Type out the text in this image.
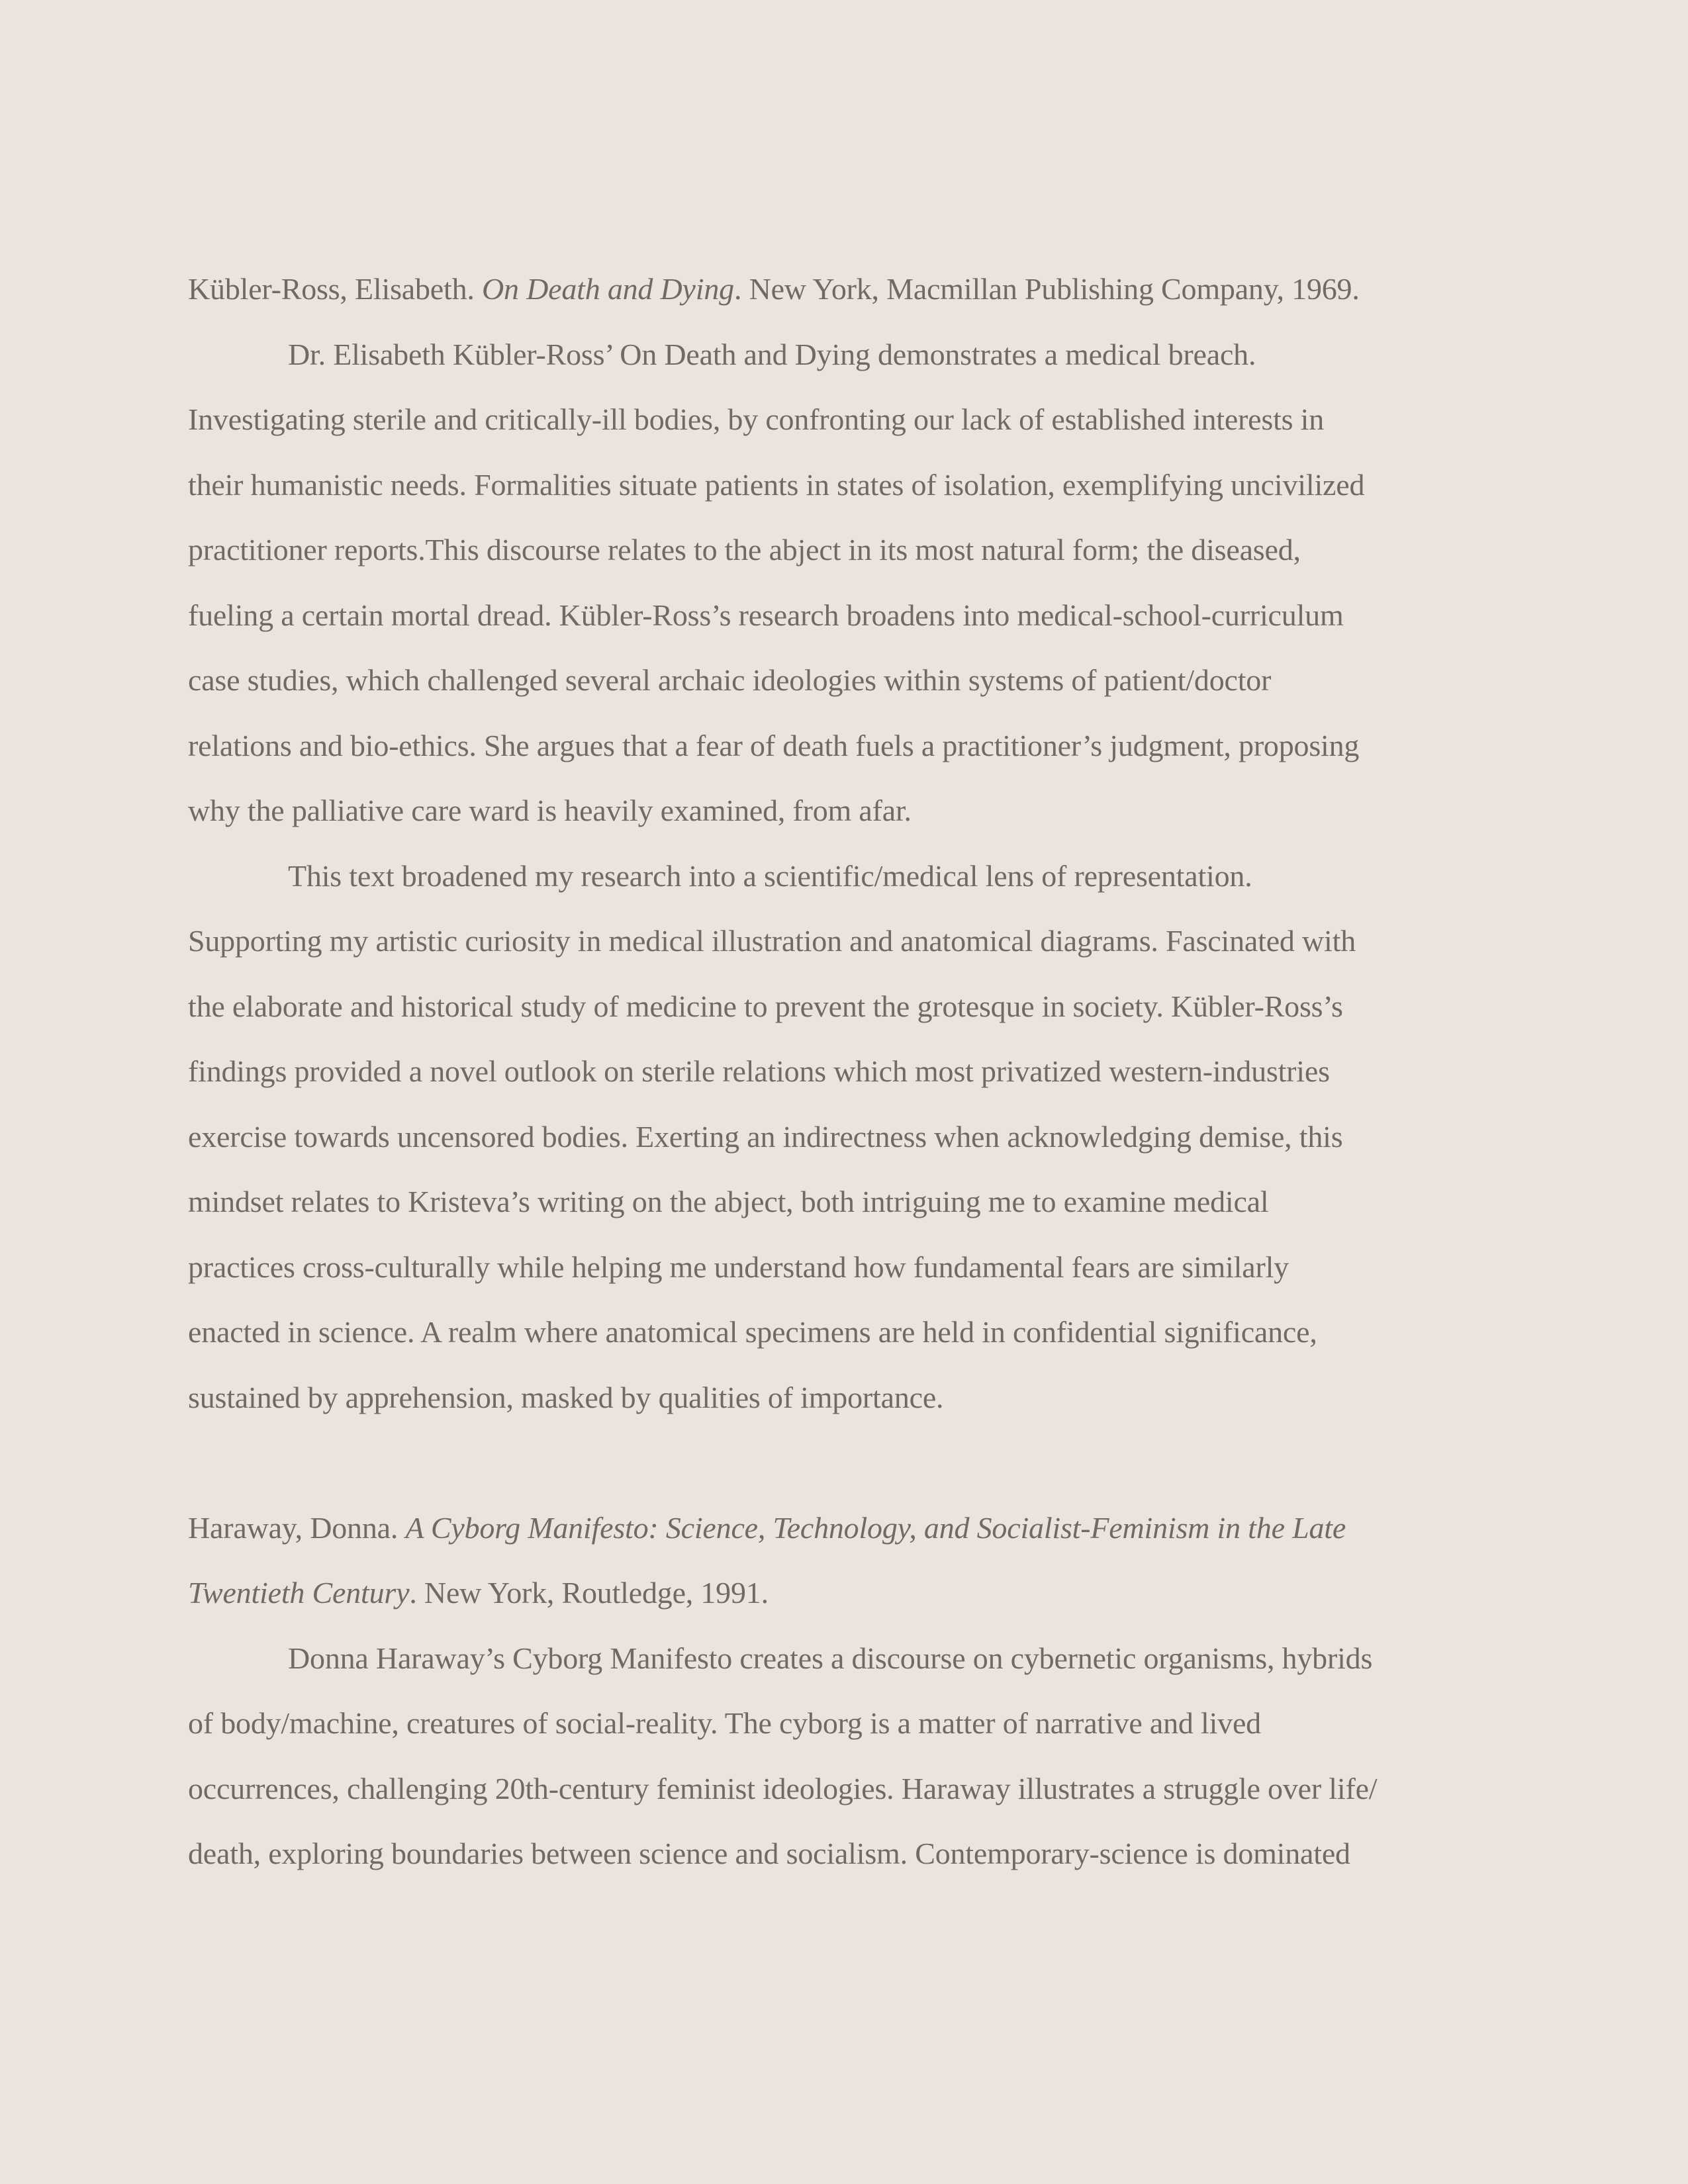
Kübler-Ross, Elisabeth. On Death and Dying. New York, Macmillan Publishing Company, 1969.
Dr. Elisabeth Kübler-Ross’ On Death and Dying demonstrates a medical breach.
Investigating sterile and critically-ill bodies, by confronting our lack of established interests in
their humanistic needs. Formalities situate patients in states of isolation, exemplifying uncivilized
practitioner reports.This discourse relates to the abject in its most natural form; the diseased,
fueling a certain mortal dread. Kübler-Ross’s research broadens into medical-school-curriculum
case studies, which challenged several archaic ideologies within systems of patient/doctor
relations and bio-ethics. She argues that a fear of death fuels a practitioner’s judgment, proposing
why the palliative care ward is heavily examined, from afar.
This text broadened my research into a scientific/medical lens of representation.
Supporting my artistic curiosity in medical illustration and anatomical diagrams. Fascinated with
the elaborate and historical study of medicine to prevent the grotesque in society. Kübler-Ross’s
findings provided a novel outlook on sterile relations which most privatized western-industries
exercise towards uncensored bodies. Exerting an indirectness when acknowledging demise, this
mindset relates to Kristeva’s writing on the abject, both intriguing me to examine medical
practices cross-culturally while helping me understand how fundamental fears are similarly
enacted in science. A realm where anatomical specimens are held in confidential significance,
sustained by apprehension, masked by qualities of importance.
Haraway, Donna. A Cyborg Manifesto: Science, Technology, and Socialist-Feminism in the Late
Twentieth Century. New York, Routledge, 1991.
Donna Haraway’s Cyborg Manifesto creates a discourse on cybernetic organisms, hybrids
of body/machine, creatures of social-reality. The cyborg is a matter of narrative and lived
occurrences, challenging 20th-century feminist ideologies. Haraway illustrates a struggle over life/
death, exploring boundaries between science and socialism. Contemporary-science is dominated
